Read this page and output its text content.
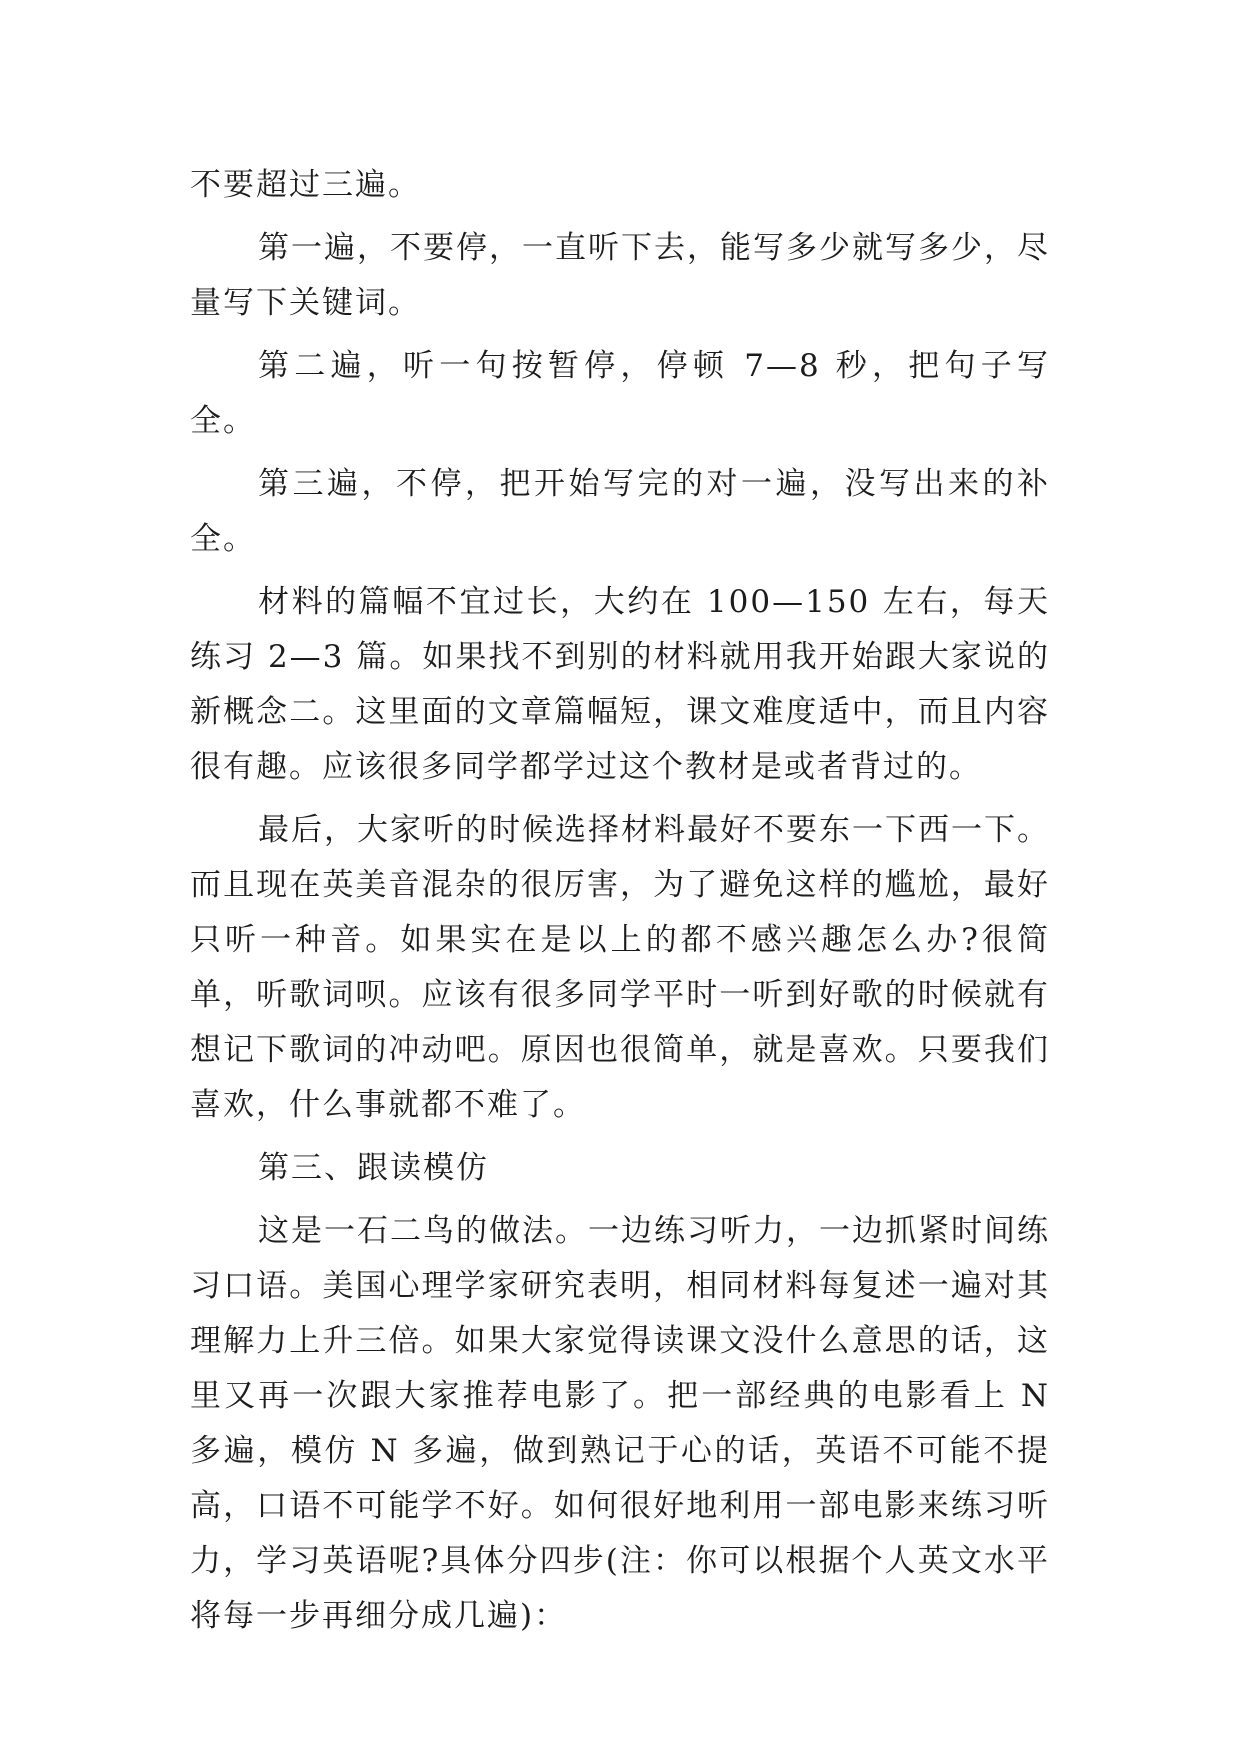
不要超过三遍。

第一遍，不要停，一直听下去，能写多少就写多少，尽量写下关键词。

第二遍，听一句按暂停，停顿 7—8 秒，把句子写全。

第三遍，不停，把开始写完的对一遍，没写出来的补全。

材料的篇幅不宜过长，大约在 100—150 左右，每天练习 2—3 篇。如果找不到别的材料就用我开始跟大家说的新概念二。这里面的文章篇幅短，课文难度适中，而且内容很有趣。应该很多同学都学过这个教材是或者背过的。

最后，大家听的时候选择材料最好不要东一下西一下。而且现在英美音混杂的很厉害，为了避免这样的尴尬，最好只听一种音。如果实在是以上的都不感兴趣怎么办?很简单，听歌词呗。应该有很多同学平时一听到好歌的时候就有想记下歌词的冲动吧。原因也很简单，就是喜欢。只要我们喜欢，什么事就都不难了。

第三、跟读模仿

这是一石二鸟的做法。一边练习听力，一边抓紧时间练习口语。美国心理学家研究表明，相同材料每复述一遍对其理解力上升三倍。如果大家觉得读课文没什么意思的话，这里又再一次跟大家推荐电影了。把一部经典的电影看上 N 多遍，模仿 N 多遍，做到熟记于心的话，英语不可能不提高，口语不可能学不好。如何很好地利用一部电影来练习听力，学习英语呢?具体分四步(注：你可以根据个人英文水平将每一步再细分成几遍)：
